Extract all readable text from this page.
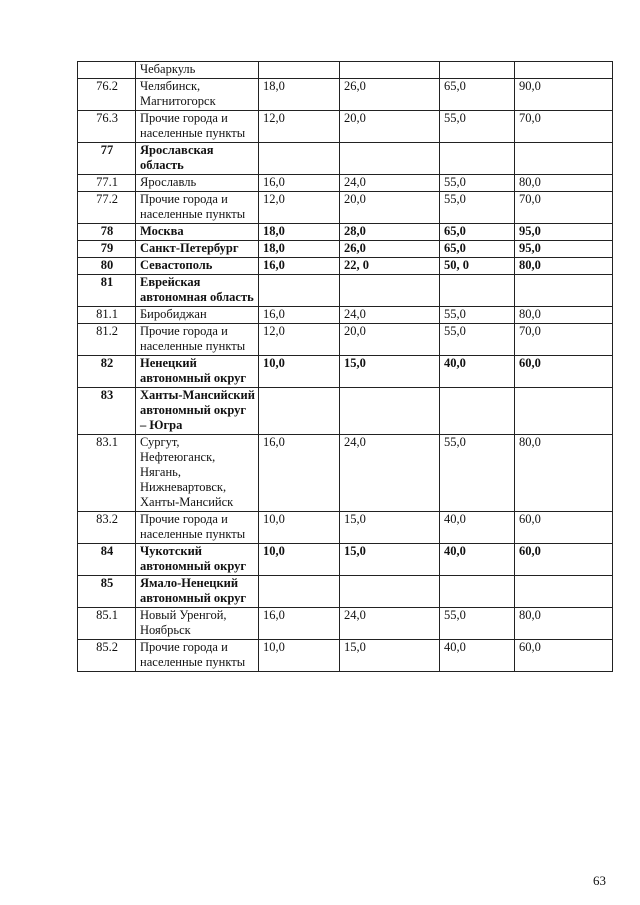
	Чебаркуль				
76.2	Челябинск, Магнитогорск	18,0	26,0	65,0	90,0
76.3	Прочие города и населенные пункты	12,0	20,0	55,0	70,0
77	Ярославская область				
77.1	Ярославль	16,0	24,0	55,0	80,0
77.2	Прочие города и населенные пункты	12,0	20,0	55,0	70,0
78	Москва	18,0	28,0	65,0	95,0
79	Санкт-Петербург	18,0	26,0	65,0	95,0
80	Севастополь	16,0	22, 0	50, 0	80,0
81	Еврейская автономная область				
81.1	Биробиджан	16,0	24,0	55,0	80,0
81.2	Прочие города и населенные пункты	12,0	20,0	55,0	70,0
82	Ненецкий автономный округ	10,0	15,0	40,0	60,0
83	Ханты-Мансийский автономный округ – Югра				
83.1	Сургут, Нефтеюганск, Нягань, Нижневартовск, Ханты-Мансийск	16,0	24,0	55,0	80,0
83.2	Прочие города и населенные пункты	10,0	15,0	40,0	60,0
84	Чукотский автономный округ	10,0	15,0	40,0	60,0
85	Ямало-Ненецкий автономный округ				
85.1	Новый Уренгой, Ноябрьск	16,0	24,0	55,0	80,0
85.2	Прочие города и населенные пункты	10,0	15,0	40,0	60,0
63
